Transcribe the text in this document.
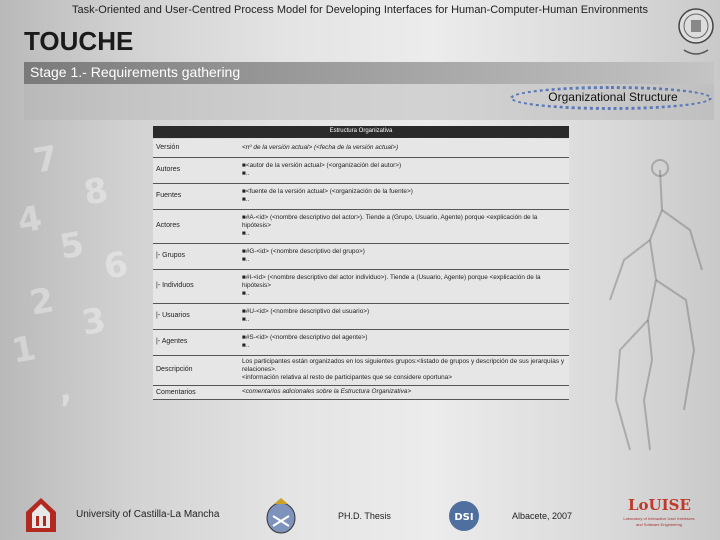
7
8
4
5 6
2 3
1
,
Task-Oriented and User-Centred Process Model for Developing Interfaces for Human-Computer-Human Environments
TOUCHE
Stage 1.- Requirements gathering
Organizational Structure
Estructura Organizativa
Versión	<nº de la versión actual> (<fecha de la versión actual>)

Autores	■<autor de la versión actual> (<organización del autor>)
■..

Fuentes	■<fuente de la versión actual> (<organización de la fuente>)
■..

Actores	■#A-<id> (<nombre descriptivo del actor>). Tiende a (Grupo, Usuario, Agente) porque <explicación de la hipótesis>
■..

|- Grupos	■#G-<id> (<nombre descriptivo del grupo>)
■..

|- Individuos	■#I-<id> (<nombre descriptivo del actor individuo>). Tiende a (Usuario, Agente) porque <explicación de la hipótesis>
■..

|- Usuarios	■#U-<id> (<nombre descriptivo del usuario>)
■..

|- Agentes	■#S-<id> (<nombre descriptivo del agente>)
■..

Descripción	Los participantes están organizados en los siguientes grupos:<listado de grupos y descripción de sus jerarquías y relaciones>.
<información relativa al resto de participantes que se considere oportuna>

Comentarios	<comentarios adicionales sobre la Estructura Organizativa>
University of Castilla-La Mancha	PH.D. Thesis	DSI	Albacete, 2007
LoUISE
Laboratory of Interactive User Interfaces
and Software Engineering
